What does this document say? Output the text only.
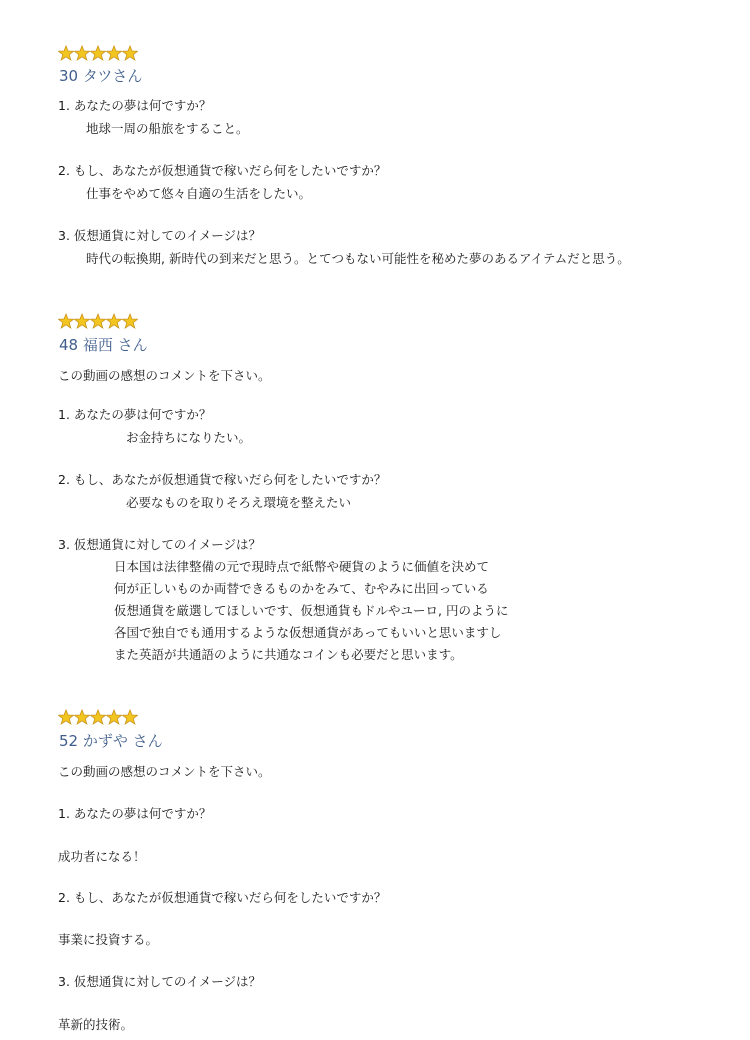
30 タツさん
1. あなたの夢は何ですか？
地球一周の船旅をすること。
2. もし、あなたが仮想通貨で稼いだら何をしたいですか？
仕事をやめて悠々自適の生活をしたい。
3. 仮想通貨に対してのイメージは？
時代の転換期, 新時代の到来だと思う。とてつもない可能性を秘めた夢のあるアイテムだと思う。
48 福西 さん
この動画の感想のコメントを下さい。
1. あなたの夢は何ですか？
お金持ちになりたい。
2. もし、あなたが仮想通貨で稼いだら何をしたいですか？
必要なものを取りそろえ環境を整えたい
3. 仮想通貨に対してのイメージは？
日本国は法律整備の元で現時点で紙幣や硬貨のように価値を決めて
何が正しいものか両替できるものかをみて、むやみに出回っている
仮想通貨を厳選してほしいです、仮想通貨もドルやユーロ, 円のように
各国で独自でも通用するような仮想通貨があってもいいと思いますし
また英語が共通語のように共通なコインも必要だと思います。
52 かずや さん
この動画の感想のコメントを下さい。
1. あなたの夢は何ですか？
成功者になる！
2. もし、あなたが仮想通貨で稼いだら何をしたいですか？
事業に投資する。
3. 仮想通貨に対してのイメージは？
革新的技術。
